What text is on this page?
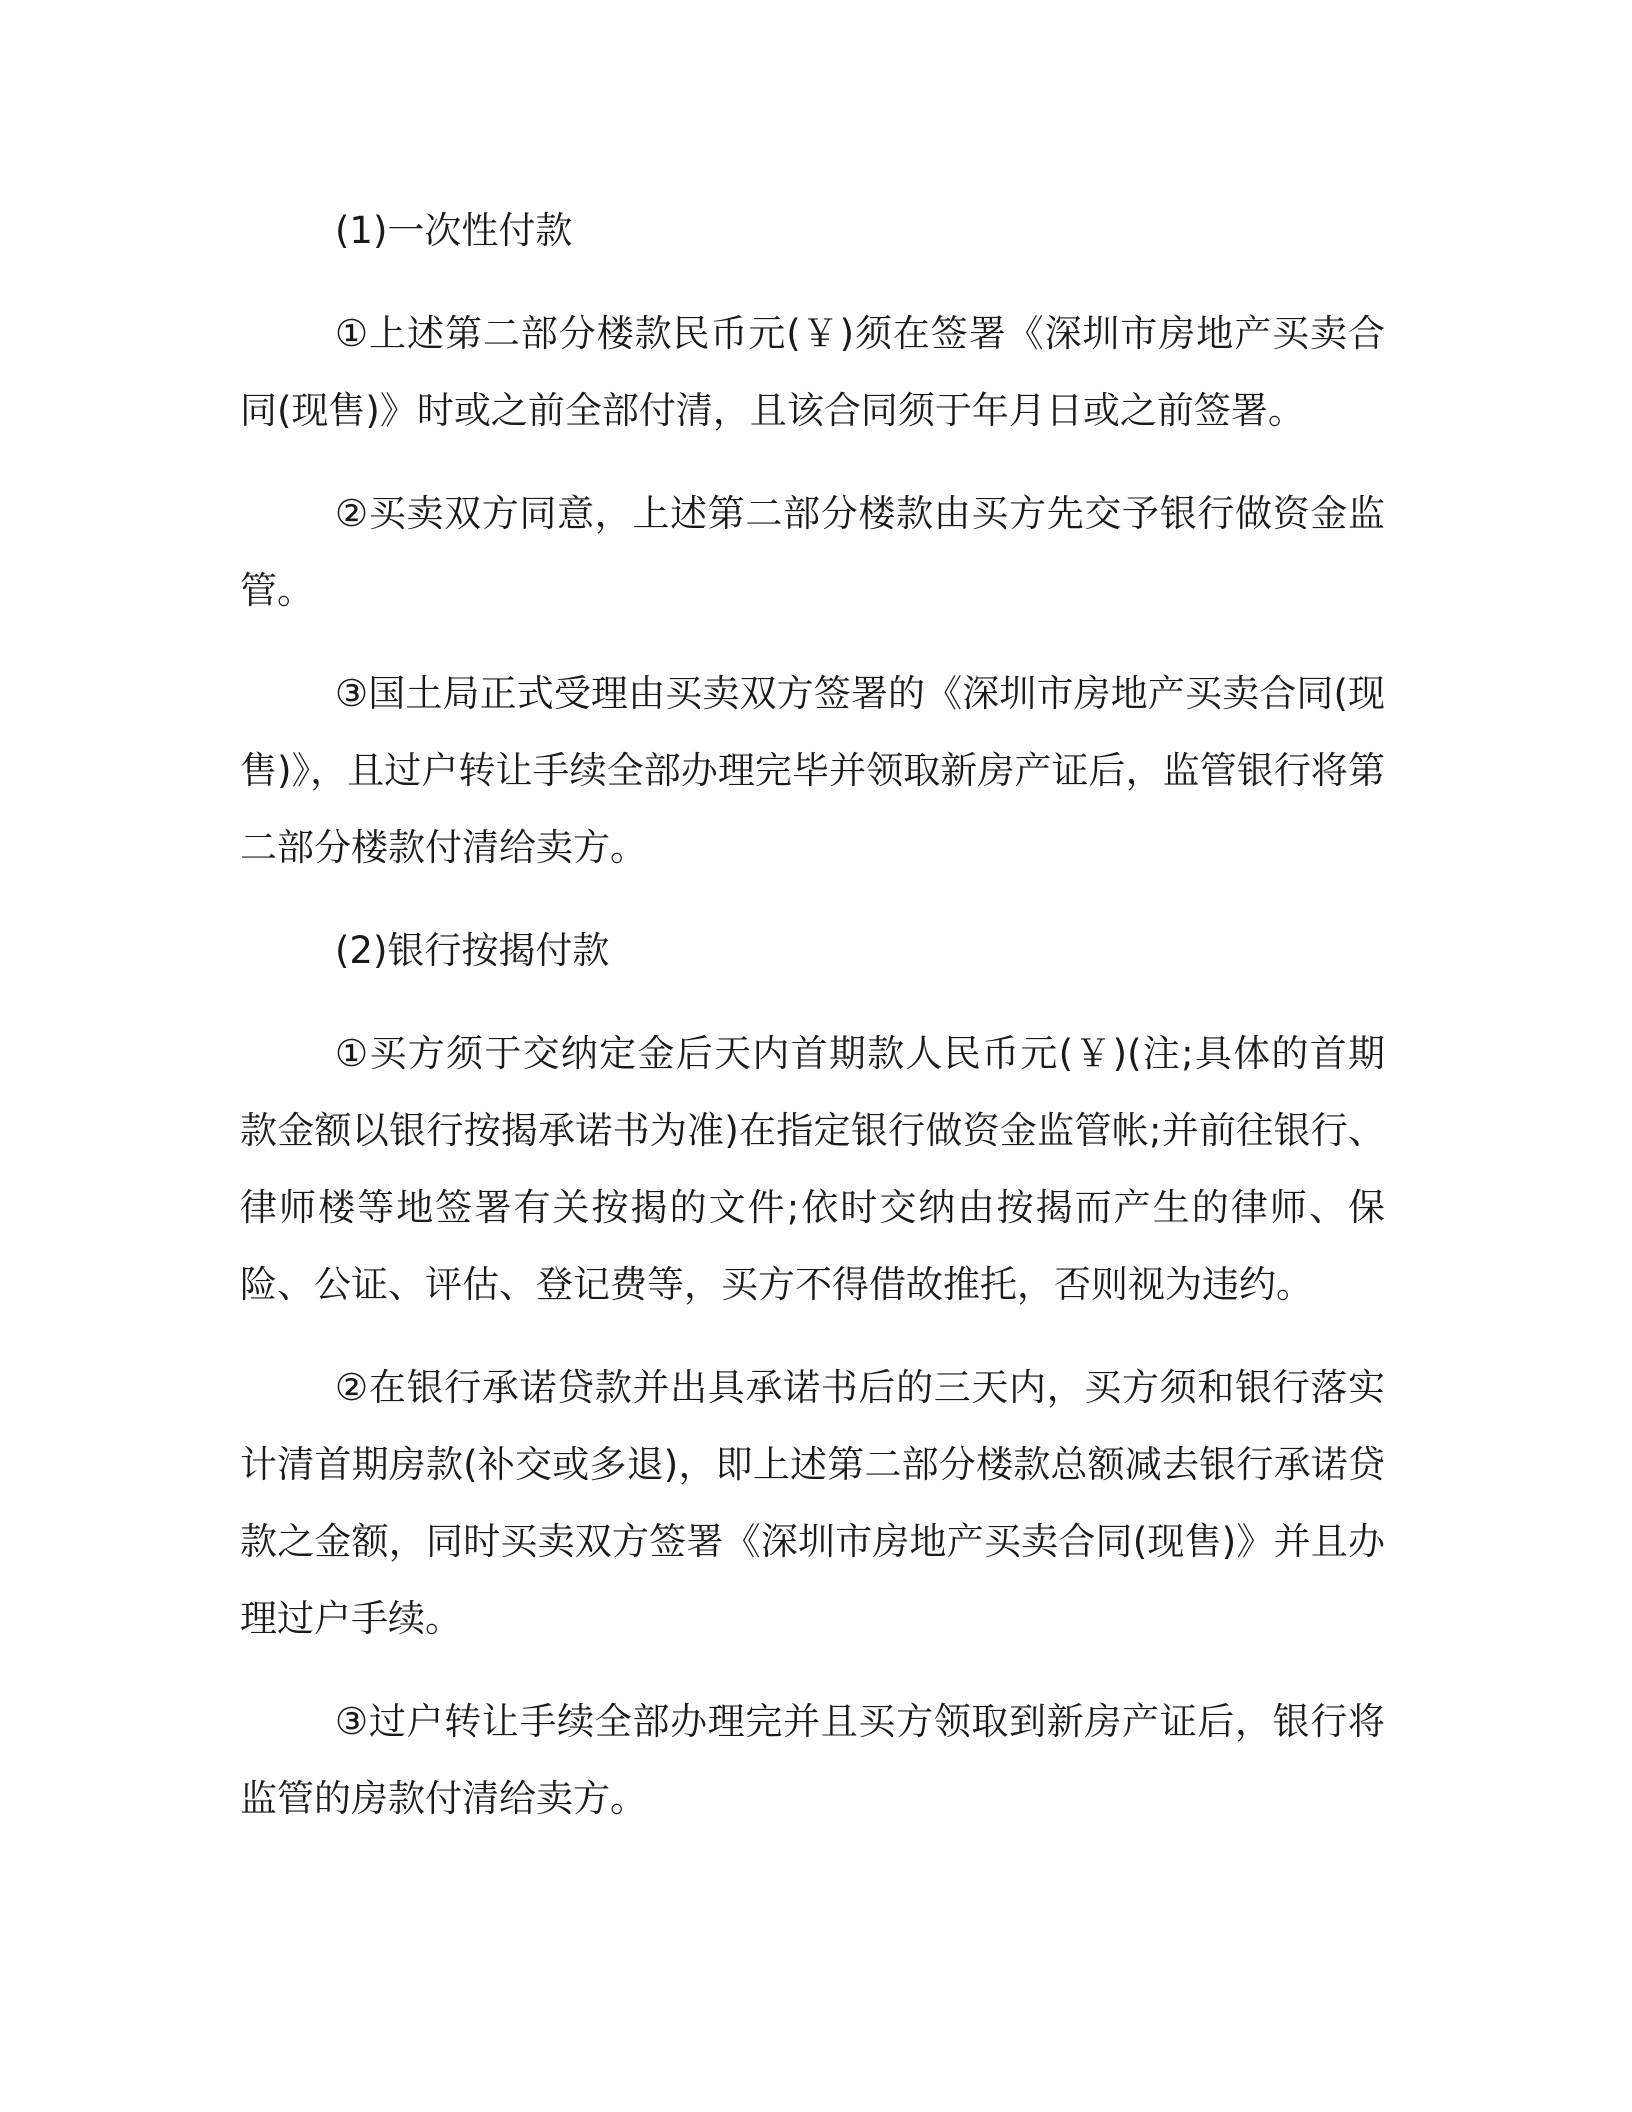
(1)一次性付款

①上述第二部分楼款民币元(￥)须在签署《深圳市房地产买卖合同(现售)》时或之前全部付清，且该合同须于年月日或之前签署。

②买卖双方同意，上述第二部分楼款由买方先交予银行做资金监管。

③国土局正式受理由买卖双方签署的《深圳市房地产买卖合同(现售)》，且过户转让手续全部办理完毕并领取新房产证后，监管银行将第二部分楼款付清给卖方。

(2)银行按揭付款

①买方须于交纳定金后天内首期款人民币元(￥)(注;具体的首期款金额以银行按揭承诺书为准)在指定银行做资金监管帐;并前往银行、律师楼等地签署有关按揭的文件;依时交纳由按揭而产生的律师、保险、公证、评估、登记费等，买方不得借故推托，否则视为违约。

②在银行承诺贷款并出具承诺书后的三天内，买方须和银行落实计清首期房款(补交或多退)，即上述第二部分楼款总额减去银行承诺贷款之金额，同时买卖双方签署《深圳市房地产买卖合同(现售)》并且办理过户手续。

③过户转让手续全部办理完并且买方领取到新房产证后，银行将监管的房款付清给卖方。
